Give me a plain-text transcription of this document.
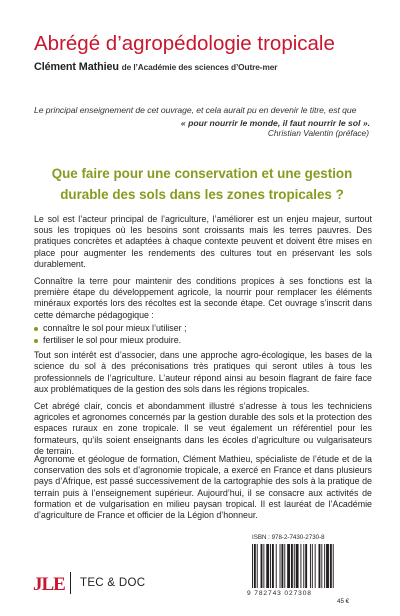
Abrégé d’agropédologie tropicale
Clément Mathieu de l’Académie des sciences d’Outre-mer
Le principal enseignement de cet ouvrage, et cela aurait pu en devenir le titre, est que
« pour nourrir le monde, il faut nourrir le sol ».
Christian Valentin (préface)
Que faire pour une conservation et une gestion durable des sols dans les zones tropicales ?

Le sol est l’acteur principal de l’agriculture, l’améliorer est un enjeu majeur, surtout sous les tropiques où les besoins sont croissants mais les terres pauvres. Des pratiques concrètes et adaptées à chaque contexte peuvent et doivent être mises en place pour augmenter les rendements des cultures tout en préservant les sols durablement.

Connaître la terre pour maintenir des conditions propices à ses fonctions est la première étape du développement agricole, la nourrir pour remplacer les éléments minéraux exportés lors des récoltes est la seconde étape. Cet ouvrage s’inscrit dans cette démarche pédagogique :

connaître le sol pour mieux l’utiliser ;
fertiliser le sol pour mieux produire.

Tout son intérêt est d’associer, dans une approche agro-écologique, les bases de la science du sol à des préconisations très pratiques qui seront utiles à tous les professionnels de l’agriculture. L’auteur répond ainsi au besoin flagrant de faire face aux problématiques de la gestion des sols dans les régions tropicales.

Cet abrégé clair, concis et abondamment illustré s’adresse à tous les techniciens agricoles et agronomes concernés par la gestion durable des sols et la protection des espaces ruraux en zone tropicale. Il se veut également un référentiel pour les formateurs, qu’ils soient enseignants dans les écoles d’agriculture ou vulgarisateurs de terrain.

Agronome et géologue de formation, Clément Mathieu, spécialiste de l’étude et de la conservation des sols et d’agronomie tropicale, a exercé en France et dans plusieurs pays d’Afrique, est passé successivement de la cartographie des sols à la pratique de terrain puis à l’enseignement supérieur. Aujourd’hui, il se consacre aux activités de formation et de vulgarisation en milieu paysan tropical. Il est lauréat de l’Académie d’agriculture de France et officier de la Légion d’honneur.
ISBN : 978-2-7430-2730-8
9 782743 027308
45 €
JLE TEC & DOC
